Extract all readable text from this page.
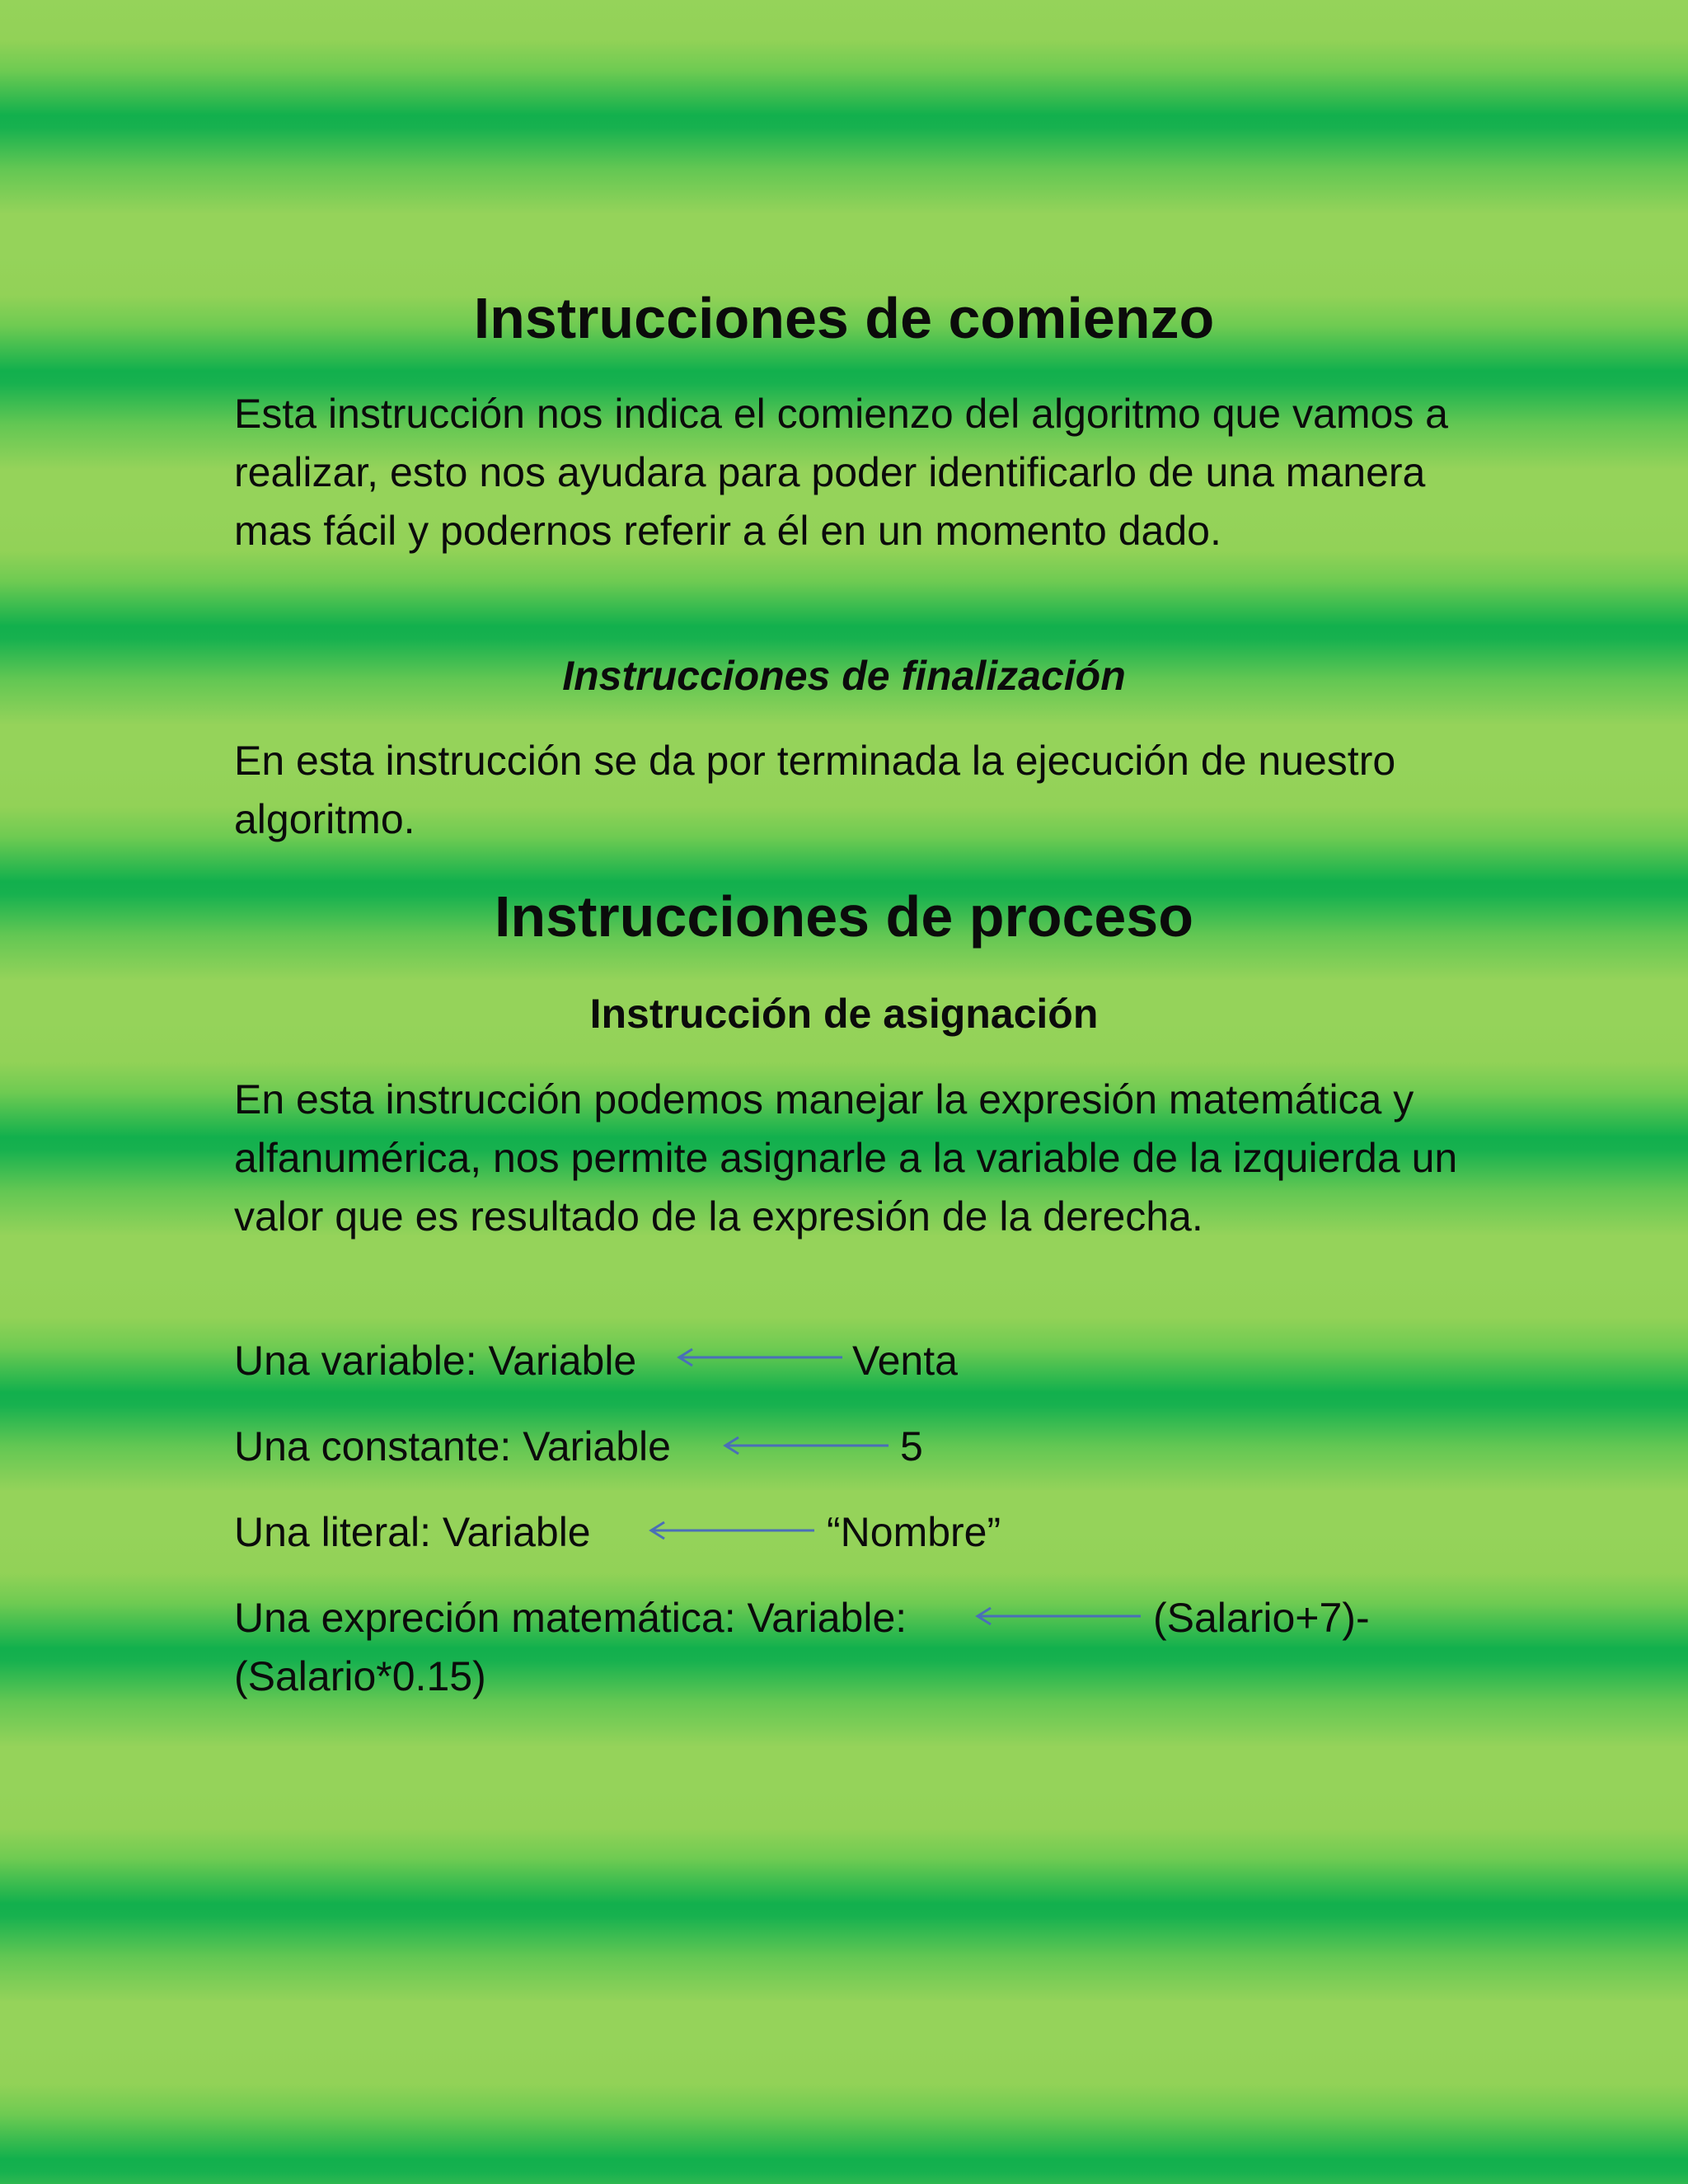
Instrucciones de comienzo

Esta instrucción nos indica el comienzo del algoritmo que vamos a realizar, esto nos ayudara para poder identificarlo de una manera mas fácil y podernos referir a él en un momento dado.

Instrucciones de finalización

En esta instrucción se da por terminada la ejecución de nuestro algoritmo.

Instrucciones de proceso
Instrucción de asignación

En esta instrucción podemos manejar la expresión matemática y alfanumérica, nos permite asignarle a la variable de la izquierda un valor que es resultado de la expresión de la derecha.

Una variable: Variable	Venta
Una constante: Variable	5
Una literal: Variable	“Nombre”
Una expreción matemática: Variable:	(Salario+7)-
(Salario*0.15)
